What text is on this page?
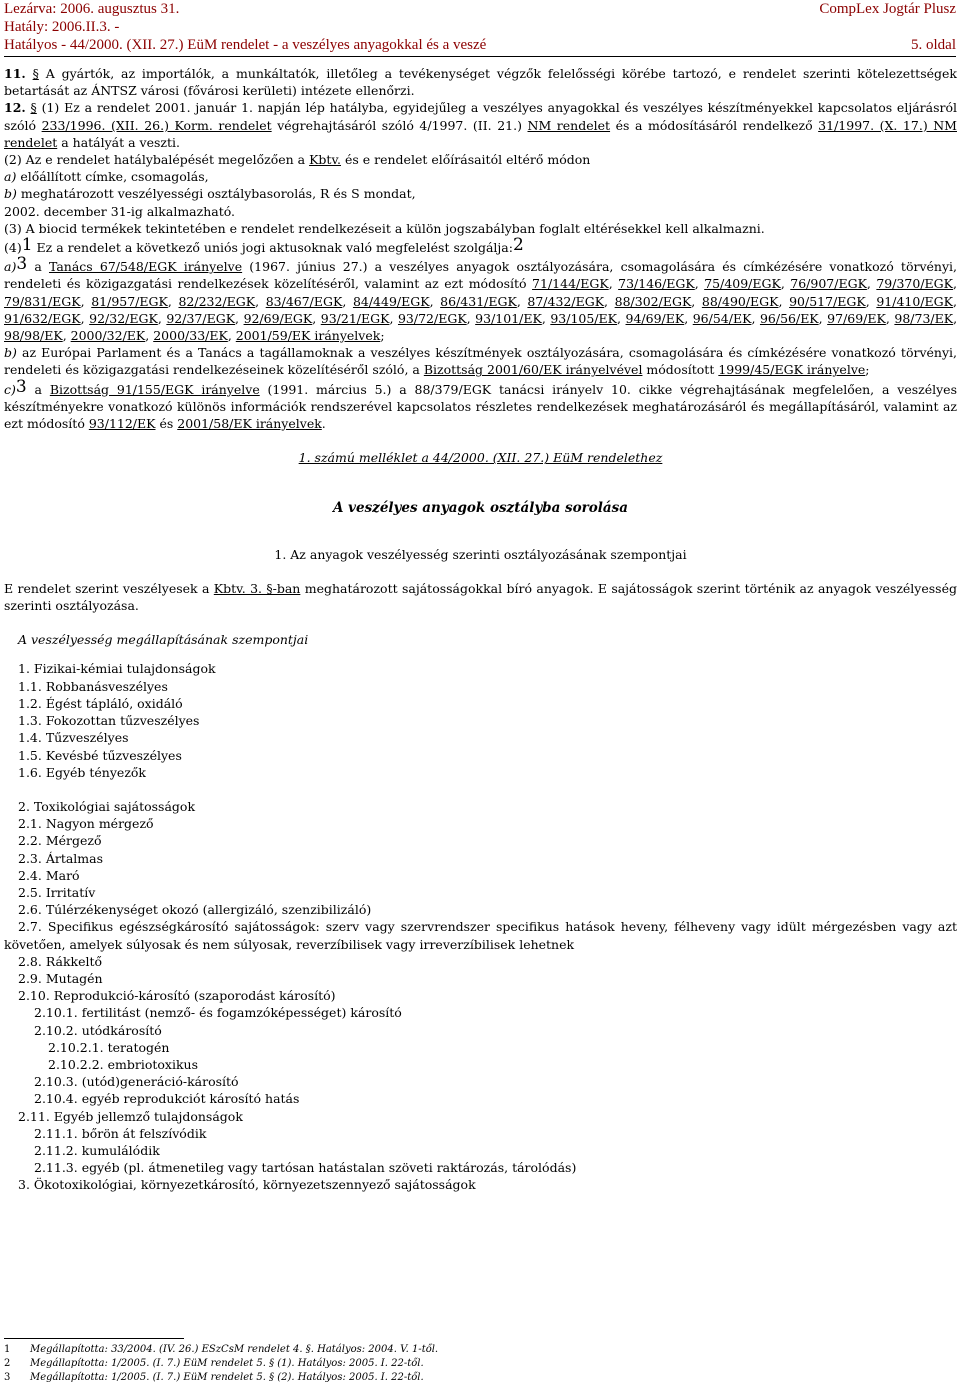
Lezárva: 2006. augusztus 31.	CompLex Jogtár Plusz
Hatály: 2006.II.3. -
Hatályos - 44/2000. (XII. 27.) EüM rendelet - a veszélyes anyagokkal és a veszé	5. oldal

11. § A gyártók, az importálók, a munkáltatók, illetőleg a tevékenységet végzők felelősségi körébe tartozó, e rendelet szerinti kötelezettségek betartását az ÁNTSZ városi (fővárosi kerületi) intézete ellenőrzi.

12. § (1) Ez a rendelet 2001. január 1. napján lép hatályba, egyidejűleg a veszélyes anyagokkal és veszélyes készítményekkel kapcsolatos eljárásról szóló 233/1996. (XII. 26.) Korm. rendelet végrehajtásáról szóló 4/1997. (II. 21.) NM rendelet és a módosításáról rendelkező 31/1997. (X. 17.) NM rendelet a hatályát a veszti.

(2) Az e rendelet hatálybalépését megelőzően a Kbtv. és e rendelet előírásaitól eltérő módon

a) előállított címke, csomagolás,

b) meghatározott veszélyességi osztálybasorolás, R és S mondat,

2002. december 31-ig alkalmazható.

(3) A biocid termékek tekintetében e rendelet rendelkezéseit a külön jogszabályban foglalt eltérésekkel kell alkalmazni.

(4)1 Ez a rendelet a következő uniós jogi aktusoknak való megfelelést szolgálja:2

a)3 a Tanács 67/548/EGK irányelve (1967. június 27.) a veszélyes anyagok osztályozására, csomagolására és címkézésére vonatkozó törvényi, rendeleti és közigazgatási rendelkezések közelítéséről, valamint az ezt módosító 71/144/EGK, 73/146/EGK, 75/409/EGK, 76/907/EGK, 79/370/EGK, 79/831/EGK, 81/957/EGK, 82/232/EGK, 83/467/EGK, 84/449/EGK, 86/431/EGK, 87/432/EGK, 88/302/EGK, 88/490/EGK, 90/517/EGK, 91/410/EGK, 91/632/EGK, 92/32/EGK, 92/37/EGK, 92/69/EGK, 93/21/EGK, 93/72/EGK, 93/101/EK, 93/105/EK, 94/69/EK, 96/54/EK, 96/56/EK, 97/69/EK, 98/73/EK, 98/98/EK, 2000/32/EK, 2000/33/EK, 2001/59/EK irányelvek;

b) az Európai Parlament és a Tanács a tagállamoknak a veszélyes készítmények osztályozására, csomagolására és címkézésére vonatkozó törvényi, rendeleti és közigazgatási rendelkezéseinek közelítéséről szóló, a Bizottság 2001/60/EK irányelvével módosított 1999/45/EGK irányelve;

c)3 a Bizottság 91/155/EGK irányelve (1991. március 5.) a 88/379/EGK tanácsi irányelv 10. cikke végrehajtásának megfelelően, a veszélyes készítményekre vonatkozó különös információk rendszerével kapcsolatos részletes rendelkezések meghatározásáról és megállapításáról, valamint az ezt módosító 93/112/EK és 2001/58/EK irányelvek.

1. számú melléklet a 44/2000. (XII. 27.) EüM rendelethez

A veszélyes anyagok osztályba sorolása

1. Az anyagok veszélyesség szerinti osztályozásának szempontjai

E rendelet szerint veszélyesek a Kbtv. 3. §-ban meghatározott sajátosságokkal bíró anyagok. E sajátosságok szerint történik az anyagok veszélyesség szerinti osztályozása.

A veszélyesség megállapításának szempontjai

1. Fizikai-kémiai tulajdonságok

1.1. Robbanásveszélyes

1.2. Égést tápláló, oxidáló

1.3. Fokozottan tűzveszélyes

1.4. Tűzveszélyes

1.5. Kevésbé tűzveszélyes

1.6. Egyéb tényezők

2. Toxikológiai sajátosságok

2.1. Nagyon mérgező

2.2. Mérgező

2.3. Ártalmas

2.4. Maró

2.5. Irritatív

2.6. Túlérzékenységet okozó (allergizáló, szenzibilizáló)

2.7. Specifikus egészségkárosító sajátosságok: szerv vagy szervrendszer specifikus hatások heveny, félheveny vagy idült mérgezésben vagy azt követően, amelyek súlyosak és nem súlyosak, reverzíbilisek vagy irreverzíbilisek lehetnek

2.8. Rákkeltő

2.9. Mutagén

2.10. Reprodukció-károsító (szaporodást károsító)

2.10.1. fertilitást (nemző- és fogamzóképességet) károsító

2.10.2. utódkárosító

2.10.2.1. teratogén

2.10.2.2. embriotoxikus

2.10.3. (utód)generáció-károsító

2.10.4. egyéb reprodukciót károsító hatás

2.11. Egyéb jellemző tulajdonságok

2.11.1. bőrön át felszívódik

2.11.2. kumulálódik

2.11.3. egyéb (pl. átmenetileg vagy tartósan hatástalan szöveti raktározás, tárolódás)

3. Ökotoxikológiai, környezetkárosító, környezetszennyező sajátosságok

1 Megállapította: 33/2004. (IV. 26.) ESzCsM rendelet 4. §. Hatályos: 2004. V. 1-től.
2 Megállapította: 1/2005. (I. 7.) EüM rendelet 5. § (1). Hatályos: 2005. I. 22-től.
3 Megállapította: 1/2005. (I. 7.) EüM rendelet 5. § (2). Hatályos: 2005. I. 22-től.
